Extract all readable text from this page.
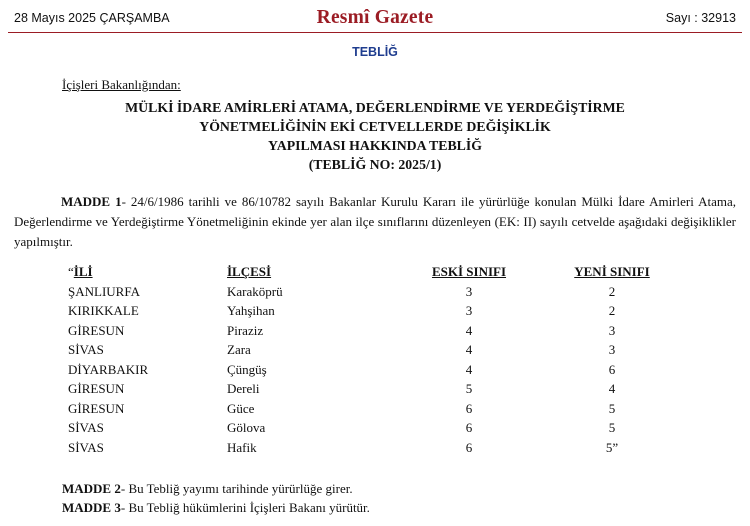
28 Mayıs 2025 ÇARŞAMBA	Resmî Gazete	Sayı : 32913
TEBLİĞ
İçişleri Bakanlığından:
MÜLKİ İDARE AMİRLERİ ATAMA, DEĞERLENDİRME VE YERDEĞİŞTİRME
YÖNETMELİĞİNİN EKİ CETVELLERDE DEĞİŞİKLİK
YAPILMASI HAKKINDA TEBLİĞ
(TEBLİĞ NO: 2025/1)
MADDE 1- 24/6/1986 tarihli ve 86/10782 sayılı Bakanlar Kurulu Kararı ile yürürlüğe konulan Mülki İdare Amirleri Atama, Değerlendirme ve Yerdeğiştirme Yönetmeliğinin ekinde yer alan ilçe sınıflarını düzenleyen (EK: II) sayılı cetvelde aşağıdaki değişiklikler yapılmıştır.
“İLİ	İLÇESİ	ESKİ SINIFI	YENİ SINIFI
ŞANLIURFA	Karaköprü	3	2
KIRIKKALE	Yahşihan	3	2
GİRESUN	Piraziz	4	3
SİVAS	Zara	4	3
DİYARBAKIR	Çüngüş	4	6
GİRESUN	Dereli	5	4
GİRESUN	Güce	6	5
SİVAS	Gölova	6	5
SİVAS	Hafik	6	5”
MADDE 2- Bu Tebliğ yayımı tarihinde yürürlüğe girer.
MADDE 3- Bu Tebliğ hükümlerini İçişleri Bakanı yürütür.
